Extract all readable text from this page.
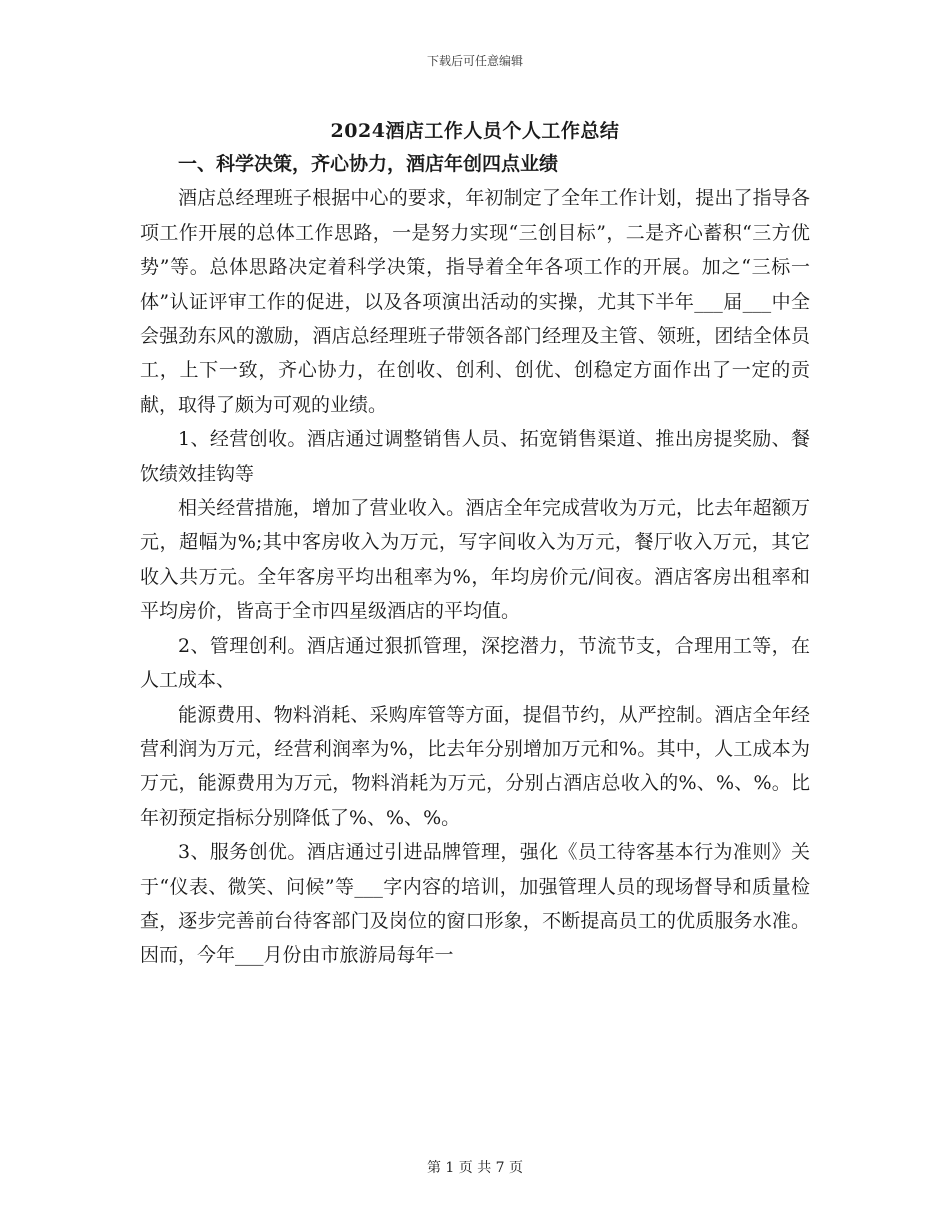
下载后可任意编辑
2024酒店工作人员个人工作总结

一、科学决策，齐心协力，酒店年创四点业绩

酒店总经理班子根据中心的要求，年初制定了全年工作计划，提出了指导各项工作开展的总体工作思路，一是努力实现“三创目标”，二是齐心蓄积“三方优势”等。总体思路决定着科学决策，指导着全年各项工作的开展。加之“三标一体”认证评审工作的促进，以及各项演出活动的实操，尤其下半年___届___中全会强劲东风的激励，酒店总经理班子带领各部门经理及主管、领班，团结全体员工，上下一致，齐心协力，在创收、创利、创优、创稳定方面作出了一定的贡献，取得了颇为可观的业绩。

1、经营创收。酒店通过调整销售人员、拓宽销售渠道、推出房提奖励、餐饮绩效挂钩等

相关经营措施，增加了营业收入。酒店全年完成营收为万元，比去年超额万元，超幅为%;其中客房收入为万元，写字间收入为万元，餐厅收入万元，其它收入共万元。全年客房平均出租率为%，年均房价元/间夜。酒店客房出租率和平均房价，皆高于全市四星级酒店的平均值。

2、管理创利。酒店通过狠抓管理，深挖潜力，节流节支，合理用工等，在人工成本、

能源费用、物料消耗、采购库管等方面，提倡节约，从严控制。酒店全年经营利润为万元，经营利润率为%，比去年分别增加万元和%。其中，人工成本为万元，能源费用为万元，物料消耗为万元，分别占酒店总收入的%、%、%。比年初预定指标分别降低了%、%、%。

3、服务创优。酒店通过引进品牌管理，强化《员工待客基本行为准则》关于“仪表、微笑、问候”等___字内容的培训，加强管理人员的现场督导和质量检查，逐步完善前台待客部门及岗位的窗口形象，不断提高员工的优质服务水准。因而，今年___月份由市旅游局每年一

第 1 页 共 7 页
